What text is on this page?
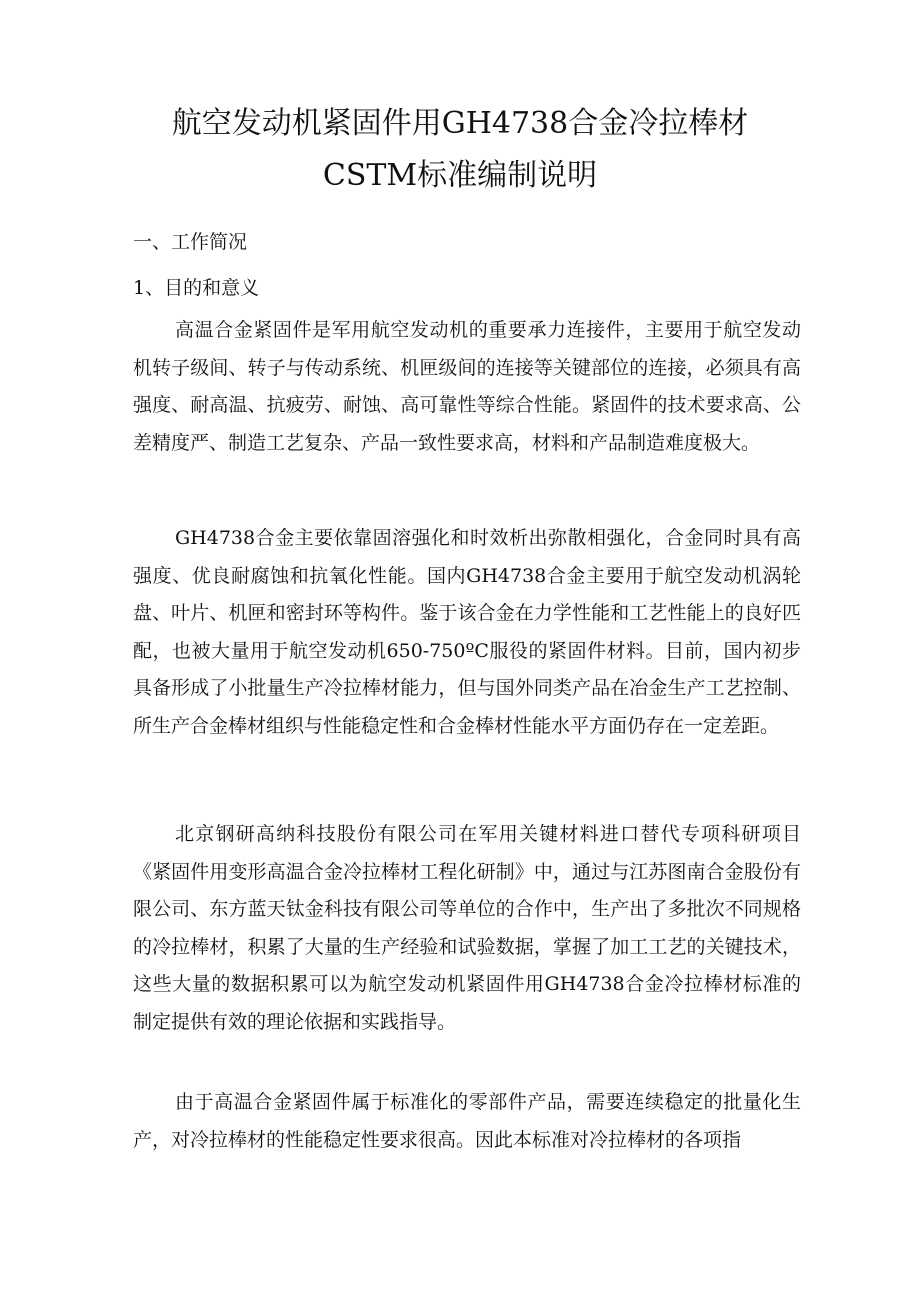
航空发动机紧固件用GH4738合金冷拉棒材
CSTM标准编制说明
一、工作简况
1、目的和意义

高温合金紧固件是军用航空发动机的重要承力连接件，主要用于航空发动机转子级间、转子与传动系统、机匣级间的连接等关键部位的连接，必须具有高强度、耐高温、抗疲劳、耐蚀、高可靠性等综合性能。紧固件的技术要求高、公差精度严、制造工艺复杂、产品一致性要求高，材料和产品制造难度极大。

GH4738合金主要依靠固溶强化和时效析出弥散相强化，合金同时具有高强度、优良耐腐蚀和抗氧化性能。国内GH4738合金主要用于航空发动机涡轮盘、叶片、机匣和密封环等构件。鉴于该合金在力学性能和工艺性能上的良好匹配，也被大量用于航空发动机650-750ºC服役的紧固件材料。目前，国内初步具备形成了小批量生产冷拉棒材能力，但与国外同类产品在冶金生产工艺控制、所生产合金棒材组织与性能稳定性和合金棒材性能水平方面仍存在一定差距。

北京钢研高纳科技股份有限公司在军用关键材料进口替代专项科研项目《紧固件用变形高温合金冷拉棒材工程化研制》中，通过与江苏图南合金股份有限公司、东方蓝天钛金科技有限公司等单位的合作中，生产出了多批次不同规格的冷拉棒材，积累了大量的生产经验和试验数据，掌握了加工工艺的关键技术，这些大量的数据积累可以为航空发动机紧固件用GH4738合金冷拉棒材标准的制定提供有效的理论依据和实践指导。

由于高温合金紧固件属于标准化的零部件产品，需要连续稳定的批量化生产，对冷拉棒材的性能稳定性要求很高。因此本标准对冷拉棒材的各项指
